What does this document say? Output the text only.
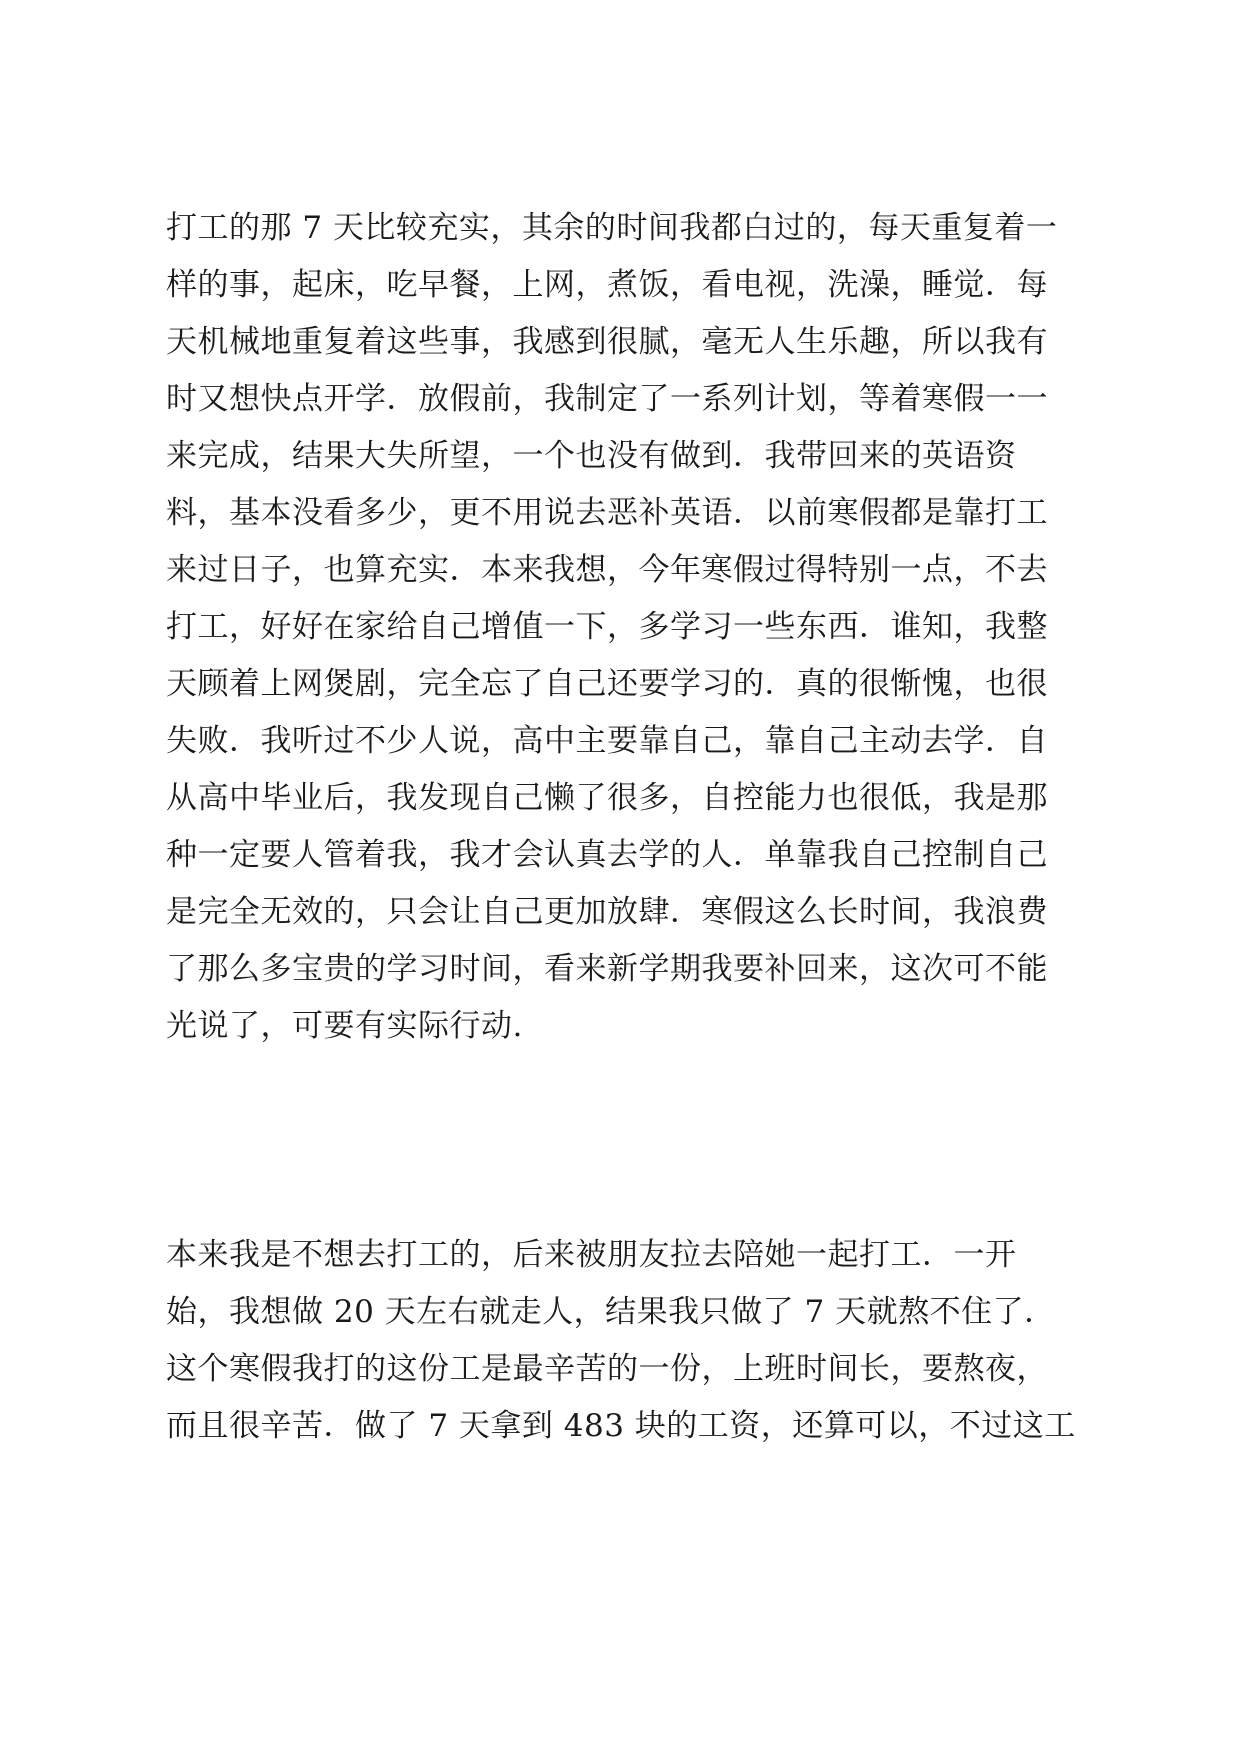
打工的那 7 天比较充实，其余的时间我都白过的，每天重复着一
样的事，起床，吃早餐，上网，煮饭，看电视，洗澡，睡觉．每
天机械地重复着这些事，我感到很腻，毫无人生乐趣，所以我有
时又想快点开学．放假前，我制定了一系列计划，等着寒假一一
来完成，结果大失所望，一个也没有做到．我带回来的英语资
料，基本没看多少，更不用说去恶补英语．以前寒假都是靠打工
来过日子，也算充实．本来我想，今年寒假过得特别一点，不去
打工，好好在家给自己增值一下，多学习一些东西．谁知，我整
天顾着上网煲剧，完全忘了自己还要学习的．真的很惭愧，也很
失败．我听过不少人说，高中主要靠自己，靠自己主动去学．自
从高中毕业后，我发现自己懒了很多，自控能力也很低，我是那
种一定要人管着我，我才会认真去学的人．单靠我自己控制自己
是完全无效的，只会让自己更加放肆．寒假这么长时间，我浪费
了那么多宝贵的学习时间，看来新学期我要补回来，这次可不能
光说了，可要有实际行动.
本来我是不想去打工的，后来被朋友拉去陪她一起打工．一开
始，我想做 20 天左右就走人，结果我只做了 7 天就熬不住了．
这个寒假我打的这份工是最辛苦的一份，上班时间长，要熬夜，
而且很辛苦．做了 7 天拿到 483 块的工资，还算可以，不过这工
